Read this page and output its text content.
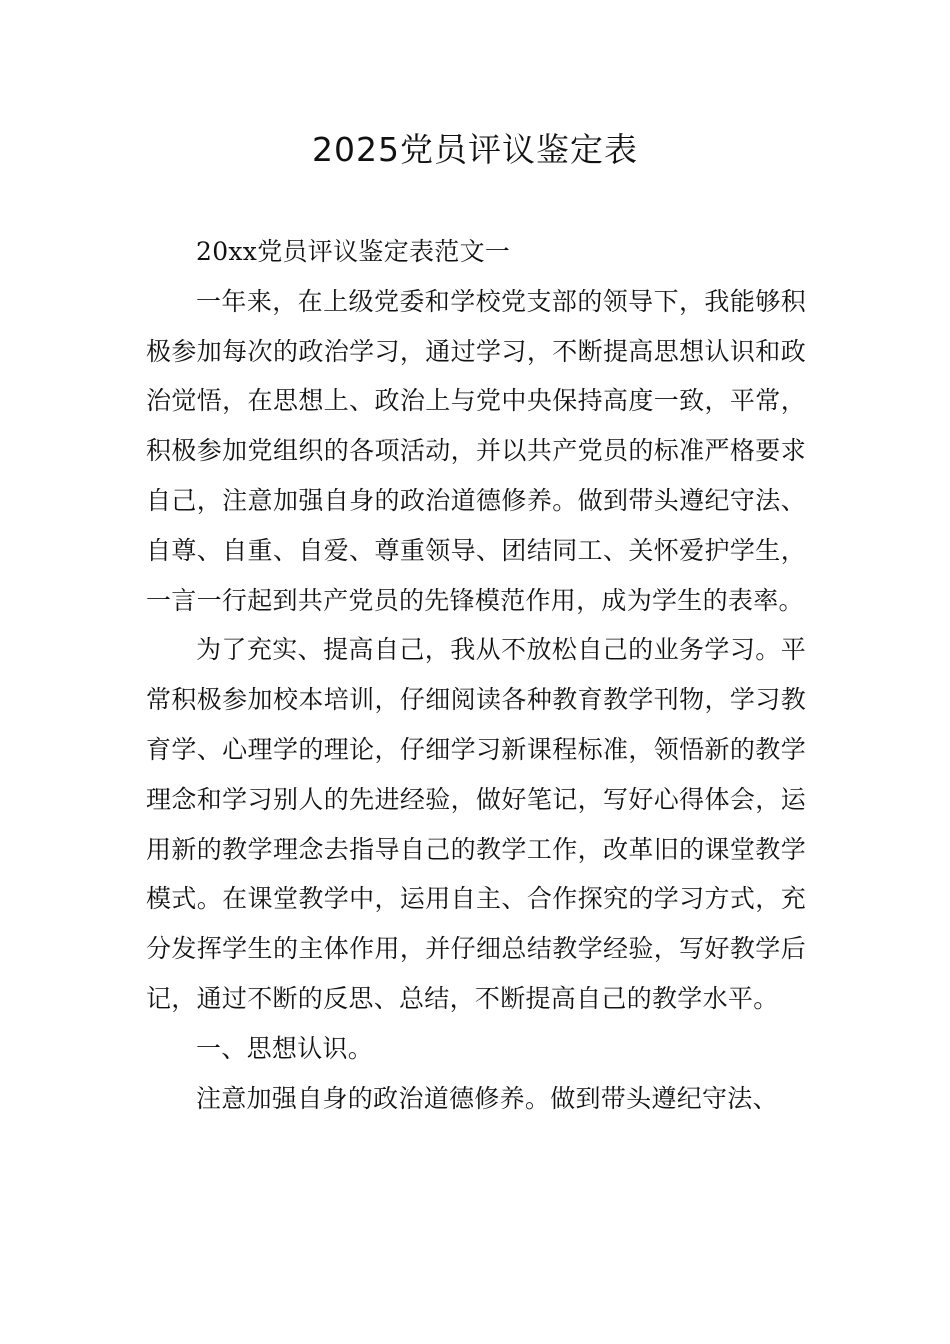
2025党员评议鉴定表

20xx党员评议鉴定表范文一

一年来，在上级党委和学校党支部的领导下，我能够积极参加每次的政治学习，通过学习，不断提高思想认识和政治觉悟，在思想上、政治上与党中央保持高度一致，平常，积极参加党组织的各项活动，并以共产党员的标准严格要求自己，注意加强自身的政治道德修养。做到带头遵纪守法、自尊、自重、自爱、尊重领导、团结同工、关怀爱护学生，一言一行起到共产党员的先锋模范作用，成为学生的表率。

为了充实、提高自己，我从不放松自己的业务学习。平常积极参加校本培训，仔细阅读各种教育教学刊物，学习教育学、心理学的理论，仔细学习新课程标准，领悟新的教学理念和学习别人的先进经验，做好笔记，写好心得体会，运用新的教学理念去指导自己的教学工作，改革旧的课堂教学模式。在课堂教学中，运用自主、合作探究的学习方式，充分发挥学生的主体作用，并仔细总结教学经验，写好教学后记，通过不断的反思、总结，不断提高自己的教学水平。

一、思想认识。

注意加强自身的政治道德修养。做到带头遵纪守法、
